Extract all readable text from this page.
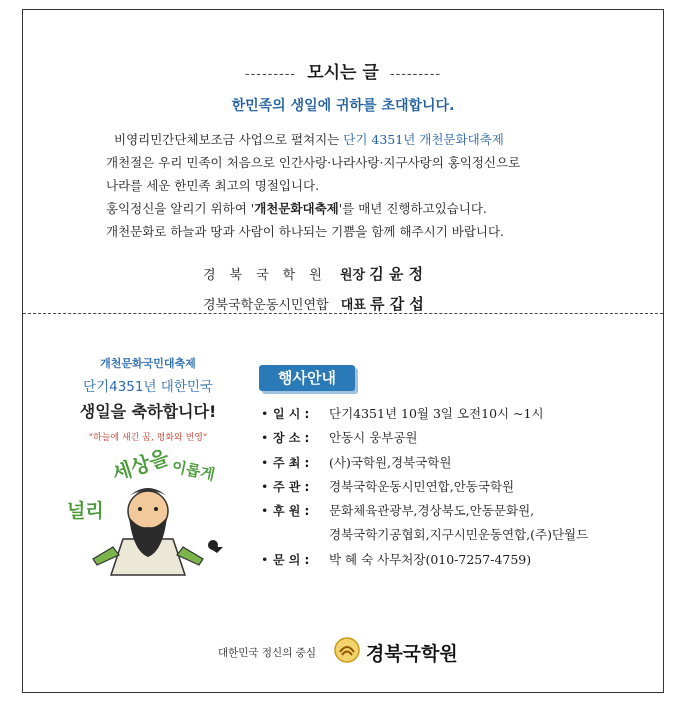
--------- 모시는 글 ---------
한민족의 생일에 귀하를 초대합니다.

비영리민간단체보조금 사업으로 펼쳐지는 단기 4351년 개천문화대축제

개천절은 우리 민족이 처음으로 인간사랑·나라사랑·지구사랑의 홍익정신으로

나라를 세운 한민족 최고의 명절입니다.

홍익정신을 알리기 위하여 '개천문화대축제'를 매년 진행하고있습니다.

개천문화로 하늘과 땅과 사람이 하나되는 기쁨을 함께 해주시기 바랍니다.

경북국학원 원장 김 윤 정
경북국학운동시민연합 대표 류 갑 섭
개천문화국민대축제
단기4351년 대한민국
생일을 축하합니다!
"하늘에 새긴 꿈, 평화와 번영"
널리
세상을
이롭게
행사안내
• 일 시 :	단기4351년 10월 3일 오전10시 ~1시
• 장 소 :	안동시 웅부공원
• 주 최 :	(사)국학원,경북국학원
• 주 관 :	경북국학운동시민연합,안동국학원
• 후 원 :	문화체육관광부,경상북도,안동문화원,
경북국학기공협회,지구시민운동연합,(주)단월드
• 문 의 :	박 혜 숙 사무처장(010-7257-4759)
대한민국 정신의 중심	경북국학원
